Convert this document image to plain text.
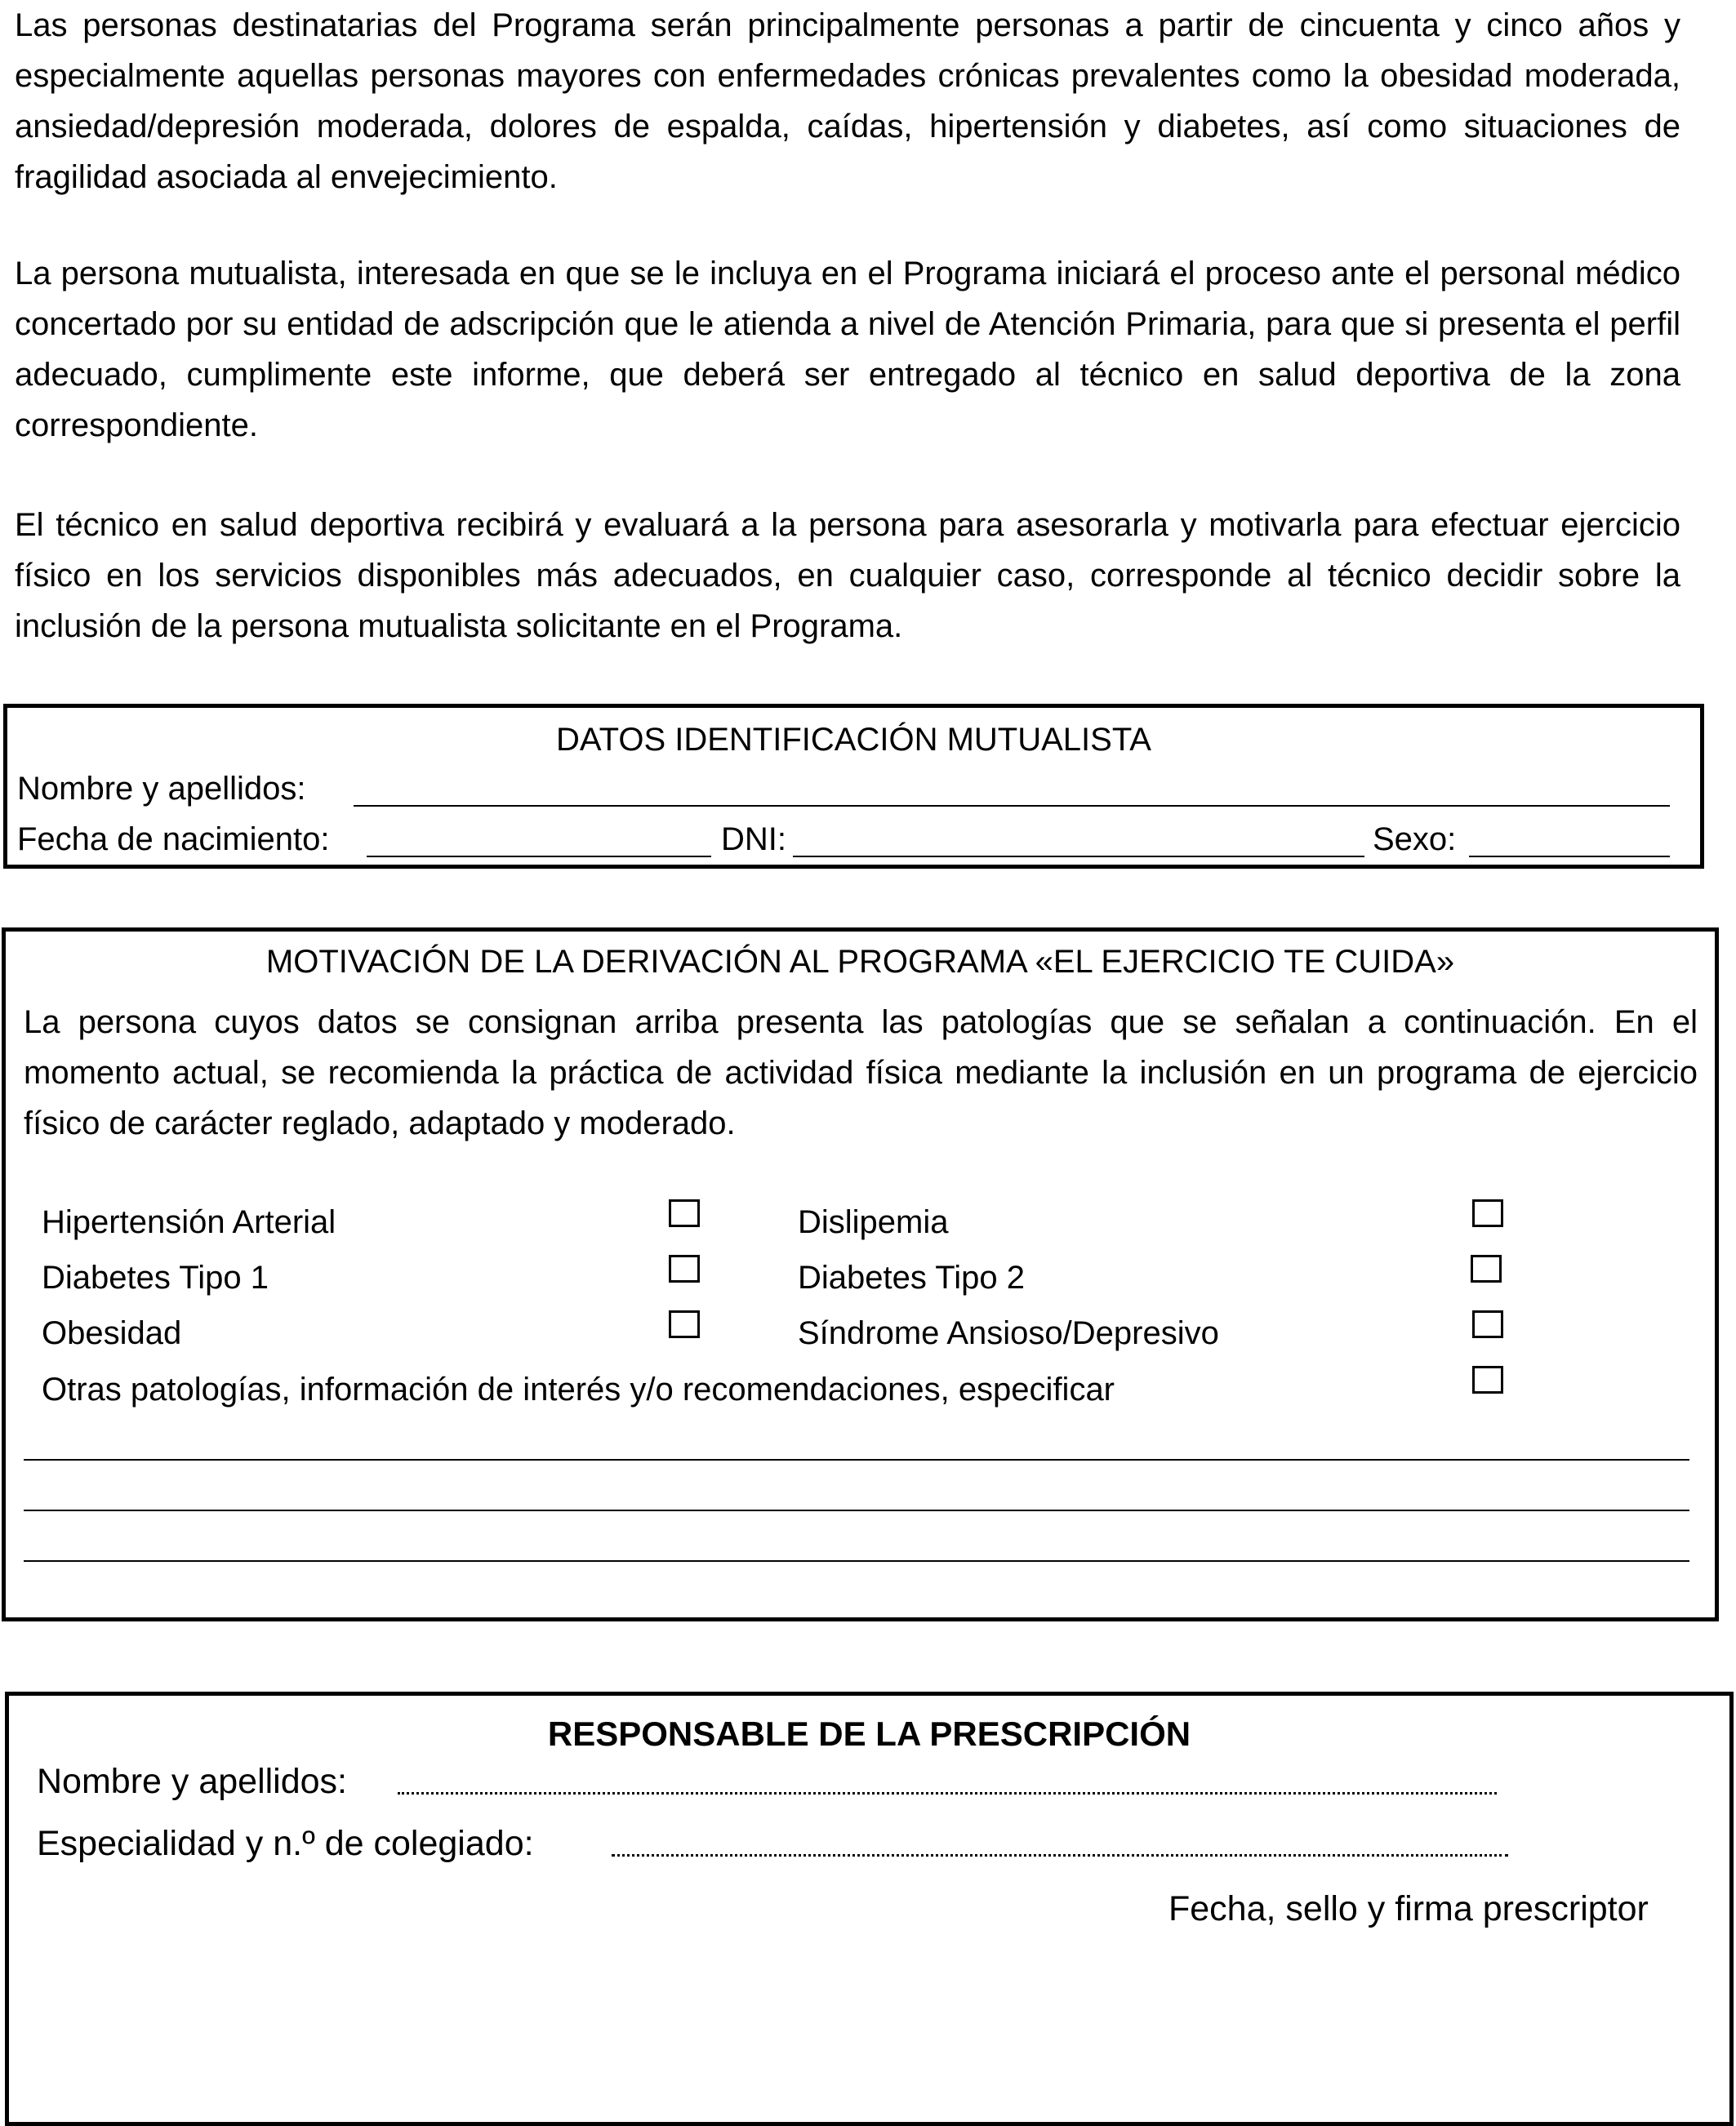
Las personas destinatarias del Programa serán principalmente personas a partir de cincuenta y cinco años y especialmente aquellas personas mayores con enfermedades crónicas prevalentes como la obesidad moderada, ansiedad/depresión moderada, dolores de espalda, caídas, hipertensión y diabetes, así como situaciones de fragilidad asociada al envejecimiento.

La persona mutualista, interesada en que se le incluya en el Programa iniciará el proceso ante el personal médico concertado por su entidad de adscripción que le atienda a nivel de Atención Primaria, para que si presenta el perfil adecuado, cumplimente este informe, que deberá ser entregado al técnico en salud deportiva de la zona correspondiente.

El técnico en salud deportiva recibirá y evaluará a la persona para asesorarla y motivarla para efectuar ejercicio físico en los servicios disponibles más adecuados, en cualquier caso, corresponde al técnico decidir sobre la inclusión de la persona mutualista solicitante en el Programa.

DATOS IDENTIFICACIÓN MUTUALISTA
Nombre y apellidos:
Fecha de nacimiento:	DNI:	Sexo:
MOTIVACIÓN DE LA DERIVACIÓN AL PROGRAMA «EL EJERCICIO TE CUIDA»

La persona cuyos datos se consignan arriba presenta las patologías que se señalan a continuación. En el momento actual, se recomienda la práctica de actividad física mediante la inclusión en un programa de ejercicio físico de carácter reglado, adaptado y moderado.

Hipertensión Arterial	Dislipemia
Diabetes Tipo 1	Diabetes Tipo 2
Obesidad	Síndrome Ansioso/Depresivo
Otras patologías, información de interés y/o recomendaciones, especificar
RESPONSABLE DE LA PRESCRIPCIÓN
Nombre y apellidos:
Especialidad y n.º de colegiado:
Fecha, sello y firma prescriptor
